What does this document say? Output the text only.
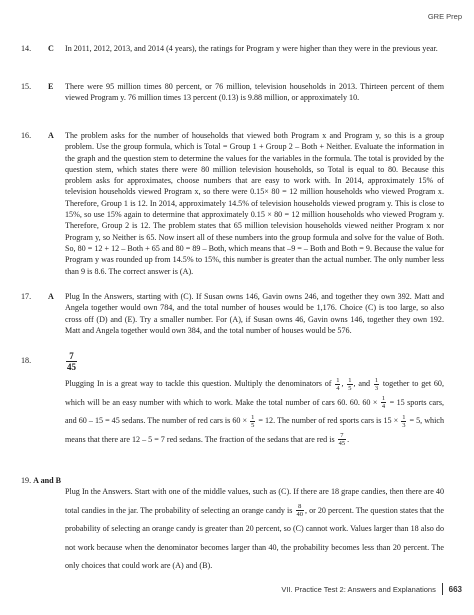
GRE Prep
14. C In 2011, 2012, 2013, and 2014 (4 years), the ratings for Program y were higher than they were in the previous year.
15. E There were 95 million times 80 percent, or 76 million, television households in 2013. Thirteen percent of them viewed Program y. 76 million times 13 percent (0.13) is 9.88 million, or approximately 10.
16. A The problem asks for the number of households that viewed both Program x and Program y, so this is a group problem. Use the group formula, which is Total = Group 1 + Group 2 – Both + Neither. Evaluate the information in the graph and the question stem to determine the values for the variables in the formula. The total is provided by the question stem, which states there were 80 million television households, so Total is equal to 80. Because this problem asks for approximates, choose numbers that are easy to work with. In 2014, approximately 15% of television households viewed Program x, so there were 0.15× 80 = 12 million households who viewed Program x. Therefore, Group 1 is 12. In 2014, approximately 14.5% of television households viewed program y. This is close to 15%, so use 15% again to determine that approximately 0.15 × 80 = 12 million households who viewed Program y. Therefore, Group 2 is 12. The problem states that 65 million television households viewed neither Program x nor Program y, so Neither is 65. Now insert all of these numbers into the group formula and solve for the value of Both. So, 80 = 12 + 12 – Both + 65 and 80 = 89 – Both, which means that –9 = – Both and Both = 9. Because the value for Program y was rounded up from 14.5% to 15%, this number is greater than the actual number. The only number less than 9 is 8.6. The correct answer is (A).
17. A Plug In the Answers, starting with (C). If Susan owns 146, Gavin owns 246, and together they own 392. Matt and Angela together would own 784, and the total number of houses would be 1,176. Choice (C) is too large, so also cross off (D) and (E). Try a smaller number. For (A), if Susan owns 46, Gavin owns 146, together they own 192. Matt and Angela together would own 384, and the total number of houses would be 576.
18.	$\frac{7}{45}$
Plugging In is a great way to tackle this question. Multiply the denominators of $\frac{1}{4}$ , $\frac{1}{5}$ , and $\frac{1}{3}$ together to get 60, which will be an easy number with which to work. Make the total number of cars 60. 60. $60 \times \frac{1}{4} = 15$ sports cars, and 60 – 15 = 45 sedans. The number of red cars is $60 \times \frac{1}{5} = 12$. The number of red sports cars is $15 \times \frac{1}{3} = 5$, which means that there are 12 – 5 = 7 red sedans. The fraction of the sedans that are red is $\frac{7}{45}$ .
19. A and B
Plug In the Answers. Start with one of the middle values, such as (C). If there are 18 grape candies, then there are 40 total candies in the jar. The probability of selecting an orange candy is $\frac{8}{40}$ , or 20 percent. The question states that the probability of selecting an orange candy is greater than 20 percent, so (C) cannot work. Values larger than 18 also do not work because when the denominator becomes larger than 40, the probability becomes less than 20 percent. The only choices that could work are (A) and (B).
VII. Practice Test 2: Answers and Explanations 663
